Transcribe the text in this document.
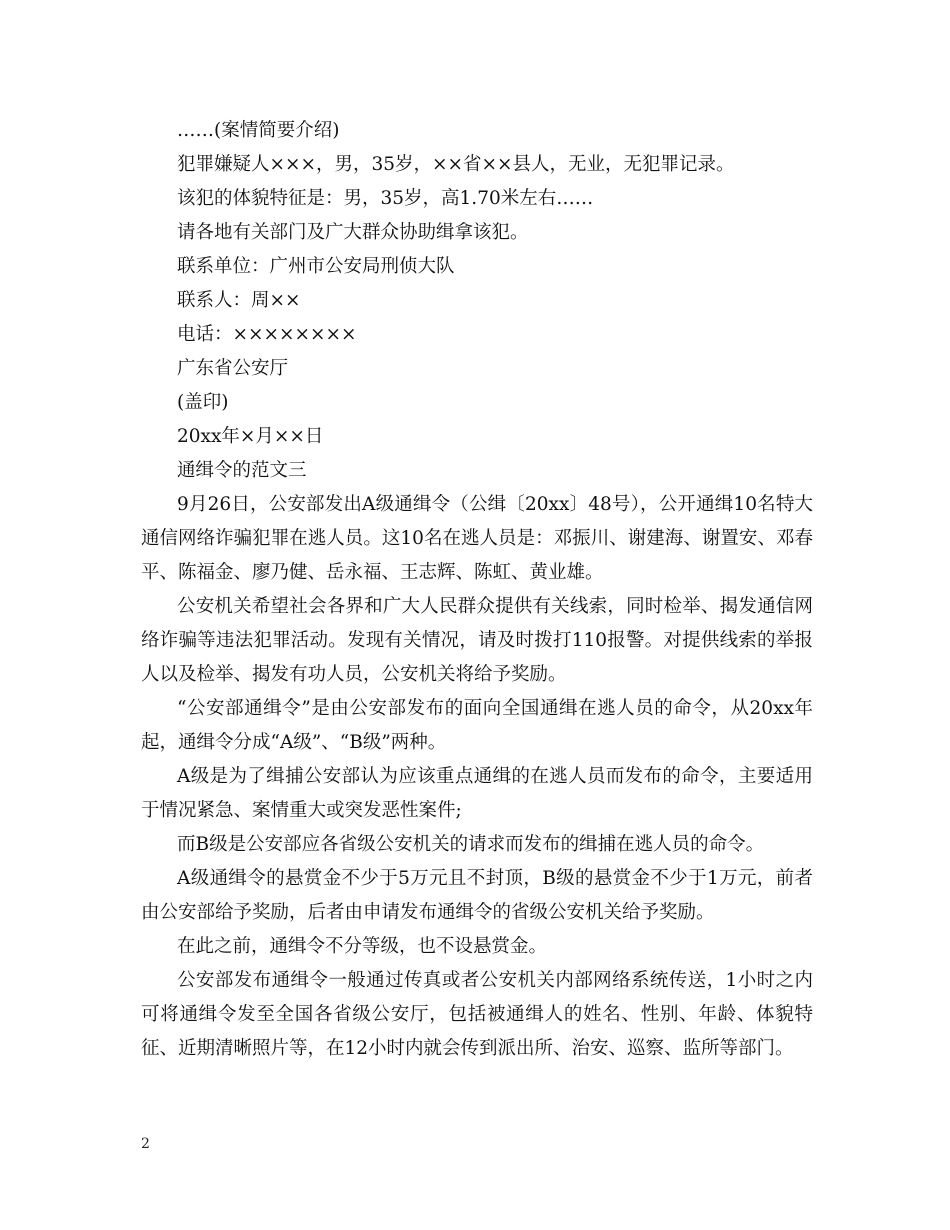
……(案情简要介绍)

犯罪嫌疑人×××，男，35岁，××省××县人，无业，无犯罪记录。

该犯的体貌特征是：男，35岁，高1.70米左右……

请各地有关部门及广大群众协助缉拿该犯。

联系单位：广州市公安局刑侦大队

联系人：周××

电话：××××××××

广东省公安厅

(盖印)

20xx年×月××日

通缉令的范文三

9月26日，公安部发出A级通缉令（公缉〔20xx〕48号），公开通缉10名特大通信网络诈骗犯罪在逃人员。这10名在逃人员是：邓振川、谢建海、谢置安、邓春平、陈福金、廖乃健、岳永福、王志辉、陈虹、黄业雄。

公安机关希望社会各界和广大人民群众提供有关线索，同时检举、揭发通信网络诈骗等违法犯罪活动。发现有关情况，请及时拨打110报警。对提供线索的举报人以及检举、揭发有功人员，公安机关将给予奖励。

“公安部通缉令”是由公安部发布的面向全国通缉在逃人员的命令，从20xx年起，通缉令分成“A级”、“B级”两种。

A级是为了缉捕公安部认为应该重点通缉的在逃人员而发布的命令，主要适用于情况紧急、案情重大或突发恶性案件;

而B级是公安部应各省级公安机关的请求而发布的缉捕在逃人员的命令。

A级通缉令的悬赏金不少于5万元且不封顶，B级的悬赏金不少于1万元，前者由公安部给予奖励，后者由申请发布通缉令的省级公安机关给予奖励。

在此之前，通缉令不分等级，也不设悬赏金。

公安部发布通缉令一般通过传真或者公安机关内部网络系统传送，1小时之内可将通缉令发至全国各省级公安厅，包括被通缉人的姓名、性别、年龄、体貌特征、近期清晰照片等，在12小时内就会传到派出所、治安、巡察、监所等部门。

2
